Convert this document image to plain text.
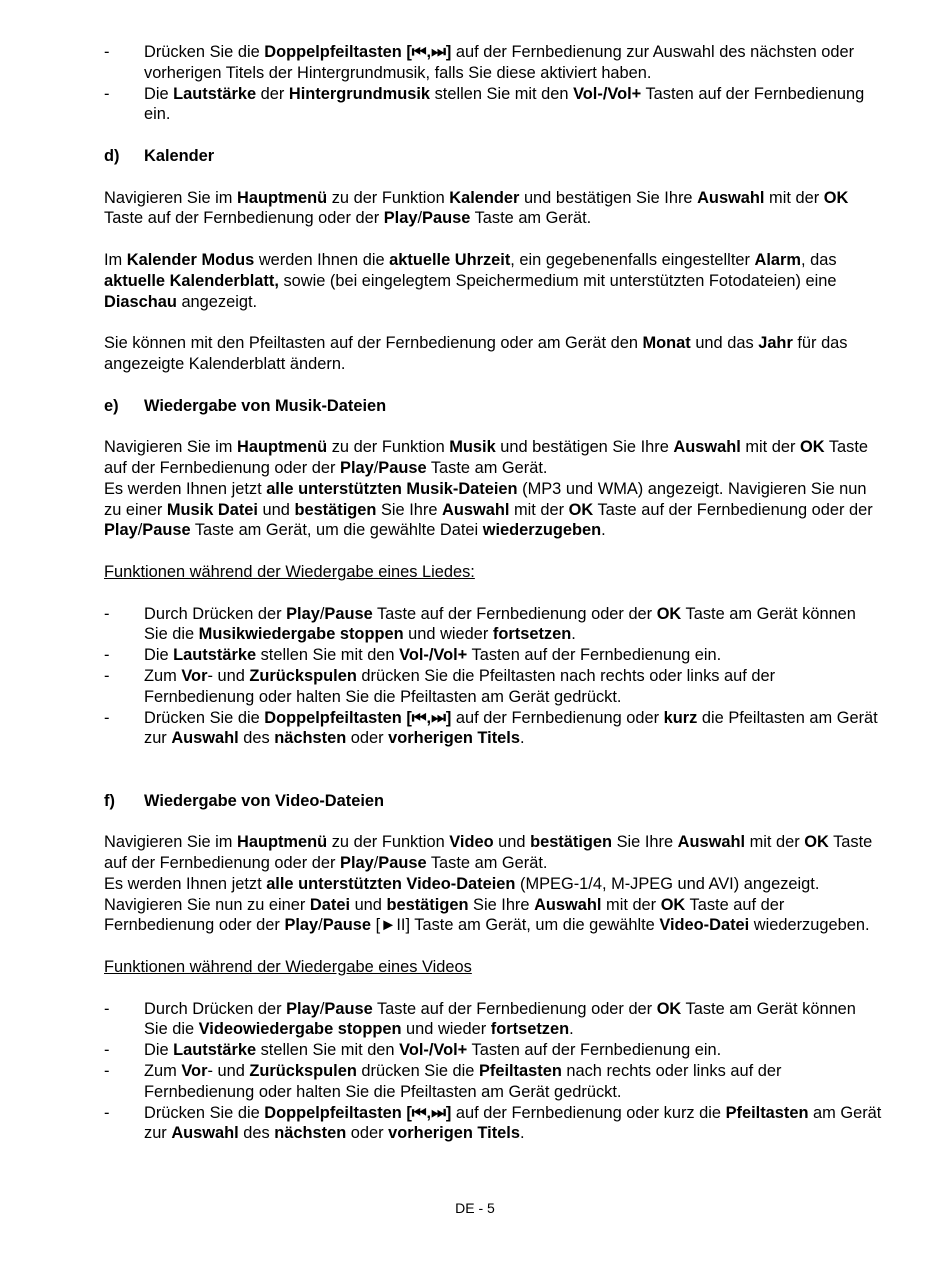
- Drücken Sie die Doppelpfeiltasten [⏮,⏭] auf der Fernbedienung zur Auswahl des nächsten oder vorherigen Titels der Hintergrundmusik, falls Sie diese aktiviert haben.
- Die Lautstärke der Hintergrundmusik stellen Sie mit den Vol-/Vol+ Tasten auf der Fernbedienung ein.
d) Kalender

Navigieren Sie im Hauptmenü zu der Funktion Kalender und bestätigen Sie Ihre Auswahl mit der OK Taste auf der Fernbedienung oder der Play/Pause Taste am Gerät.

Im Kalender Modus werden Ihnen die aktuelle Uhrzeit, ein gegebenenfalls eingestellter Alarm, das aktuelle Kalenderblatt, sowie (bei eingelegtem Speichermedium mit unterstützten Fotodateien) eine Diaschau angezeigt.

Sie können mit den Pfeiltasten auf der Fernbedienung oder am Gerät den Monat und das Jahr für das angezeigte Kalenderblatt ändern.

e) Wiedergabe von Musik-Dateien

Navigieren Sie im Hauptmenü zu der Funktion Musik und bestätigen Sie Ihre Auswahl mit der OK Taste auf der Fernbedienung oder der Play/Pause Taste am Gerät.

Es werden Ihnen jetzt alle unterstützten Musik-Dateien (MP3 und WMA) angezeigt. Navigieren Sie nun zu einer Musik Datei und bestätigen Sie Ihre Auswahl mit der OK Taste auf der Fernbedienung oder der Play/Pause Taste am Gerät, um die gewählte Datei wiederzugeben.

Funktionen während der Wiedergabe eines Liedes:

- Durch Drücken der Play/Pause Taste auf der Fernbedienung oder der OK Taste am Gerät können Sie die Musikwiedergabe stoppen und wieder fortsetzen.
- Die Lautstärke stellen Sie mit den Vol-/Vol+ Tasten auf der Fernbedienung ein.
- Zum Vor- und Zurückspulen drücken Sie die Pfeiltasten nach rechts oder links auf der Fernbedienung oder halten Sie die Pfeiltasten am Gerät gedrückt.
- Drücken Sie die Doppelpfeiltasten [⏮,⏭] auf der Fernbedienung oder kurz die Pfeiltasten am Gerät zur Auswahl des nächsten oder vorherigen Titels.
f) Wiedergabe von Video-Dateien

Navigieren Sie im Hauptmenü zu der Funktion Video und bestätigen Sie Ihre Auswahl mit der OK Taste auf der Fernbedienung oder der Play/Pause Taste am Gerät.

Es werden Ihnen jetzt alle unterstützten Video-Dateien (MPEG-1/4, M-JPEG und AVI) angezeigt. Navigieren Sie nun zu einer Datei und bestätigen Sie Ihre Auswahl mit der OK Taste auf der Fernbedienung oder der Play/Pause [►II] Taste am Gerät, um die gewählte Video-Datei wiederzugeben.

Funktionen während der Wiedergabe eines Videos

- Durch Drücken der Play/Pause Taste auf der Fernbedienung oder der OK Taste am Gerät können Sie die Videowiedergabe stoppen und wieder fortsetzen.
- Die Lautstärke stellen Sie mit den Vol-/Vol+ Tasten auf der Fernbedienung ein.
- Zum Vor- und Zurückspulen drücken Sie die Pfeiltasten nach rechts oder links auf der Fernbedienung oder halten Sie die Pfeiltasten am Gerät gedrückt.
- Drücken Sie die Doppelpfeiltasten [⏮,⏭] auf der Fernbedienung oder kurz die Pfeiltasten am Gerät zur Auswahl des nächsten oder vorherigen Titels.
DE - 5
